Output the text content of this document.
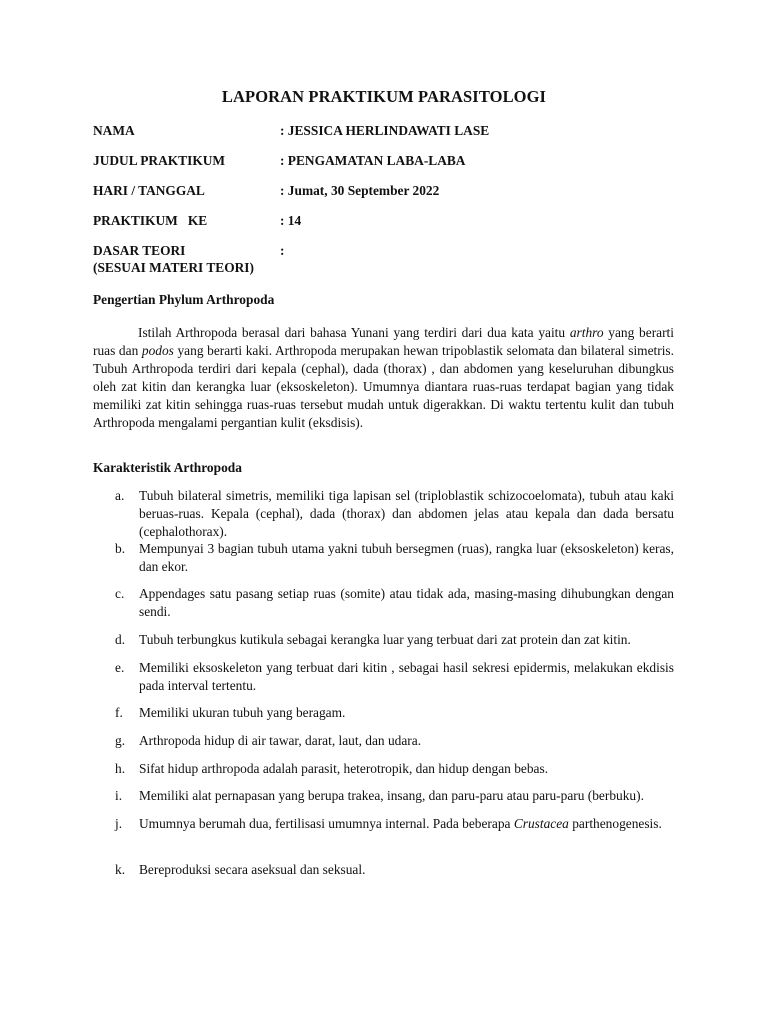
LAPORAN PRAKTIKUM PARASITOLOGI
NAMA	: JESSICA HERLINDAWATI LASE
JUDUL PRAKTIKUM	: PENGAMATAN LABA-LABA
HARI / TANGGAL	: Jumat, 30 September 2022
PRAKTIKUM   KE	: 14
DASAR TEORI	:
(SESUAI MATERI TEORI)
Pengertian Phylum Arthropoda

Istilah Arthropoda berasal dari bahasa Yunani yang terdiri dari dua kata yaitu arthro yang berarti ruas dan podos yang berarti kaki. Arthropoda merupakan hewan tripoblastik selomata dan bilateral simetris. Tubuh Arthropoda terdiri dari kepala (cephal), dada (thorax) , dan abdomen yang keseluruhan dibungkus oleh zat kitin dan kerangka luar (eksoskeleton). Umumnya diantara ruas-ruas terdapat bagian yang tidak memiliki zat kitin sehingga ruas-ruas tersebut mudah untuk digerakkan. Di waktu tertentu kulit dan tubuh Arthropoda mengalami pergantian kulit (eksdisis).

Karakteristik Arthropoda
a. Tubuh bilateral simetris, memiliki tiga lapisan sel (triploblastik schizocoelomata), tubuh atau kaki beruas-ruas. Kepala (cephal), dada (thorax) dan abdomen jelas atau kepala dan dada bersatu (cephalothorax).
b. Mempunyai 3 bagian tubuh utama yakni tubuh bersegmen (ruas), rangka luar (eksoskeleton) keras, dan ekor.
c. Appendages satu pasang setiap ruas (somite) atau tidak ada, masing-masing dihubungkan dengan sendi.
d. Tubuh terbungkus kutikula sebagai kerangka luar yang terbuat dari zat protein dan zat kitin.
e. Memiliki eksoskeleton yang terbuat dari kitin , sebagai hasil sekresi epidermis, melakukan ekdisis pada interval tertentu.
f. Memiliki ukuran tubuh yang beragam.
g. Arthropoda hidup di air tawar, darat, laut, dan udara.
h. Sifat hidup arthropoda adalah parasit, heterotropik, dan hidup dengan bebas.
i. Memiliki alat pernapasan yang berupa trakea, insang, dan paru-paru atau paru-paru (berbuku).
j. Umumnya berumah dua, fertilisasi umumnya internal. Pada beberapa Crustacea parthenogenesis.
k. Bereproduksi secara aseksual dan seksual.
